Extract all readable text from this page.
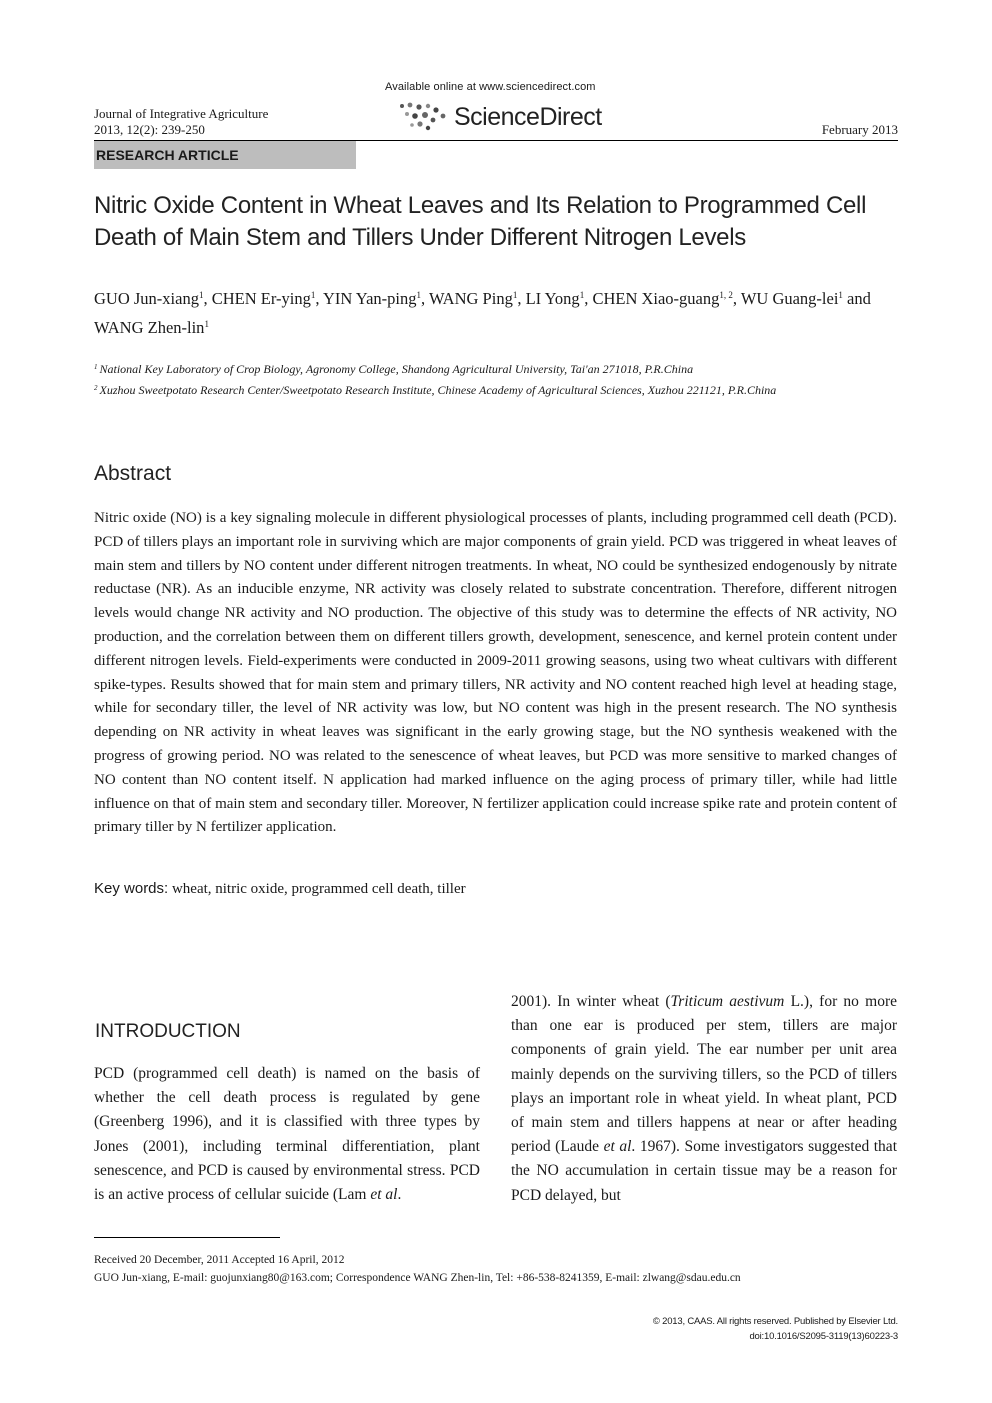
Journal of Integrative Agriculture
2013, 12(2): 239-250
Available online at www.sciencedirect.com
ScienceDirect	February 2013
RESEARCH ARTICLE
Nitric Oxide Content in Wheat Leaves and Its Relation to Programmed Cell Death of Main Stem and Tillers Under Different Nitrogen Levels
GUO Jun-xiang$^1$, CHEN Er-ying$^1$, YIN Yan-ping$^1$, WANG Ping$^1$, LI Yong$^1$, CHEN Xiao-guang$^{1, 2}$, WU Guang-lei$^1$ and WANG Zhen-lin$^1$
$^1$ National Key Laboratory of Crop Biology, Agronomy College, Shandong Agricultural University, Tai'an 271018, P.R.China
$^2$ Xuzhou Sweetpotato Research Center/Sweetpotato Research Institute, Chinese Academy of Agricultural Sciences, Xuzhou 221121, P.R.China
Abstract
Nitric oxide (NO) is a key signaling molecule in different physiological processes of plants, including programmed cell death (PCD). PCD of tillers plays an important role in surviving which are major components of grain yield. PCD was triggered in wheat leaves of main stem and tillers by NO content under different nitrogen treatments. In wheat, NO could be synthesized endogenously by nitrate reductase (NR). As an inducible enzyme, NR activity was closely related to substrate concentration. Therefore, different nitrogen levels would change NR activity and NO production. The objective of this study was to determine the effects of NR activity, NO production, and the correlation between them on different tillers growth, development, senescence, and kernel protein content under different nitrogen levels. Field-experiments were conducted in 2009-2011 growing seasons, using two wheat cultivars with different spike-types. Results showed that for main stem and primary tillers, NR activity and NO content reached high level at heading stage, while for secondary tiller, the level of NR activity was low, but NO content was high in the present research. The NO synthesis depending on NR activity in wheat leaves was significant in the early growing stage, but the NO synthesis weakened with the progress of growing period. NO was related to the senescence of wheat leaves, but PCD was more sensitive to marked changes of NO content than NO content itself. N application had marked influence on the aging process of primary tiller, while had little influence on that of main stem and secondary tiller. Moreover, N fertilizer application could increase spike rate and protein content of primary tiller by N fertilizer application.
Key words: wheat, nitric oxide, programmed cell death, tiller
INTRODUCTION
PCD (programmed cell death) is named on the basis of whether the cell death process is regulated by gene (Greenberg 1996), and it is classified with three types by Jones (2001), including terminal differentiation, plant senescence, and PCD is caused by environmental stress. PCD is an active process of cellular suicide (Lam et al.
2001). In winter wheat (Triticum aestivum L.), for no more than one ear is produced per stem, tillers are major components of grain yield. The ear number per unit area mainly depends on the surviving tillers, so the PCD of tillers plays an important role in wheat yield. In wheat plant, PCD of main stem and tillers happens at near or after heading period (Laude et al. 1967). Some investigators suggested that the NO accumulation in certain tissue may be a reason for PCD delayed, but
Received 20 December, 2011 Accepted 16 April, 2012
GUO Jun-xiang, E-mail: guojunxiang80@163.com; Correspondence WANG Zhen-lin, Tel: +86-538-8241359, E-mail: zlwang@sdau.edu.cn
© 2013, CAAS. All rights reserved. Published by Elsevier Ltd.
doi:10.1016/S2095-3119(13)60223-3
